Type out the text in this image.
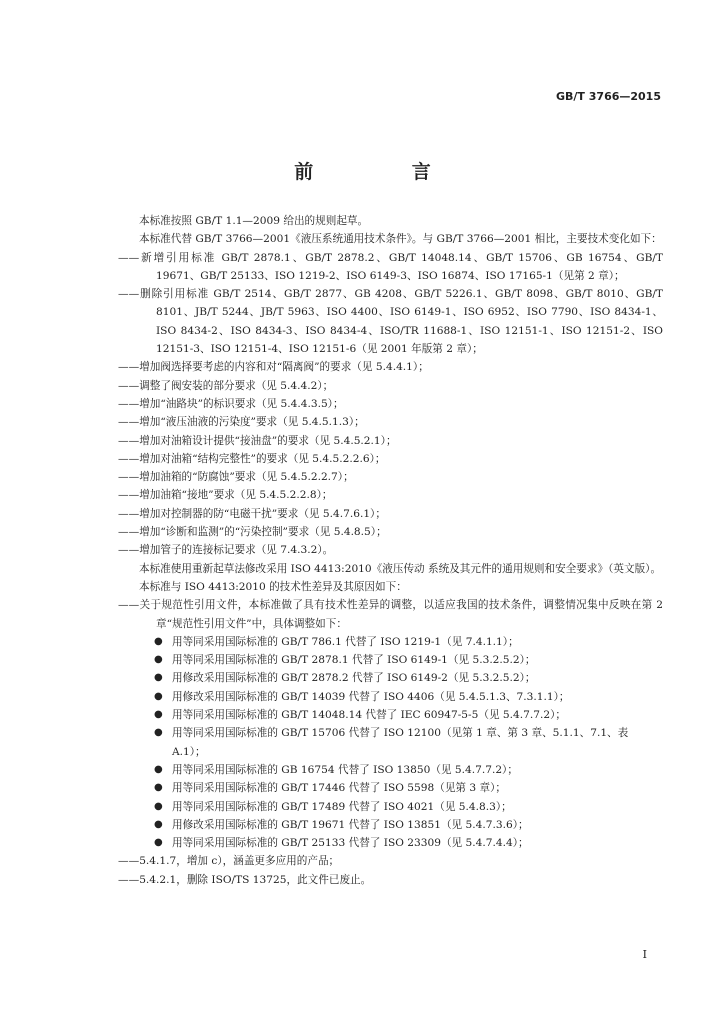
GB/T 3766—2015
前 言

本标准按照 GB/T 1.1—2009 给出的规则起草。

本标准代替 GB/T 3766—2001《液压系统通用技术条件》。与 GB/T 3766—2001 相比，主要技术变化如下：

——新增引用标准 GB/T 2878.1、GB/T 2878.2、GB/T 14048.14、GB/T 15706、GB 16754、GB/T 19671、GB/T 25133、ISO 1219-2、ISO 6149-3、ISO 16874、ISO 17165-1（见第 2 章）；

——删除引用标准 GB/T 2514、GB/T 2877、GB 4208、GB/T 5226.1、GB/T 8098、GB/T 8010、GB/T 8101、JB/T 5244、JB/T 5963、ISO 4400、ISO 6149-1、ISO 6952、ISO 7790、ISO 8434-1、ISO 8434-2、ISO 8434-3、ISO 8434-4、ISO/TR 11688-1、ISO 12151-1、ISO 12151-2、ISO 12151-3、ISO 12151-4、ISO 12151-6（见 2001 年版第 2 章）；

——增加阀选择要考虑的内容和对“隔离阀”的要求（见 5.4.4.1）；

——调整了阀安装的部分要求（见 5.4.4.2）；

——增加“油路块”的标识要求（见 5.4.4.3.5）；

——增加“液压油液的污染度”要求（见 5.4.5.1.3）；

——增加对油箱设计提供“接油盘”的要求（见 5.4.5.2.1）；

——增加对油箱“结构完整性”的要求（见 5.4.5.2.2.6）；

——增加油箱的“防腐蚀”要求（见 5.4.5.2.2.7）；

——增加油箱“接地”要求（见 5.4.5.2.2.8）；

——增加对控制器的防“电磁干扰”要求（见 5.4.7.6.1）；

——增加“诊断和监测”的“污染控制”要求（见 5.4.8.5）；

——增加管子的连接标记要求（见 7.4.3.2）。

本标准使用重新起草法修改采用 ISO 4413:2010《液压传动 系统及其元件的通用规则和安全要求》（英文版）。

本标准与 ISO 4413:2010 的技术性差异及其原因如下：

——关于规范性引用文件，本标准做了具有技术性差异的调整，以适应我国的技术条件，调整情况集中反映在第 2 章“规范性引用文件”中，具体调整如下：

● 用等同采用国际标准的 GB/T 786.1 代替了 ISO 1219-1（见 7.4.1.1）；
● 用等同采用国际标准的 GB/T 2878.1 代替了 ISO 6149-1（见 5.3.2.5.2）；
● 用修改采用国际标准的 GB/T 2878.2 代替了 ISO 6149-2（见 5.3.2.5.2）；
● 用修改采用国际标准的 GB/T 14039 代替了 ISO 4406（见 5.4.5.1.3、7.3.1.1）；
● 用等同采用国际标准的 GB/T 14048.14 代替了 IEC 60947-5-5（见 5.4.7.7.2）；
● 用等同采用国际标准的 GB/T 15706 代替了 ISO 12100（见第 1 章、第 3 章、5.1.1、7.1、表 A.1）；
● 用等同采用国际标准的 GB 16754 代替了 ISO 13850（见 5.4.7.7.2）；
● 用等同采用国际标准的 GB/T 17446 代替了 ISO 5598（见第 3 章）；
● 用等同采用国际标准的 GB/T 17489 代替了 ISO 4021（见 5.4.8.3）；
● 用修改采用国际标准的 GB/T 19671 代替了 ISO 13851（见 5.4.7.3.6）；
● 用等同采用国际标准的 GB/T 25133 代替了 ISO 23309（见 5.4.7.4.4）；

——5.4.1.7，增加 c），涵盖更多应用的产品；

——5.4.2.1，删除 ISO/TS 13725，此文件已废止。

I
